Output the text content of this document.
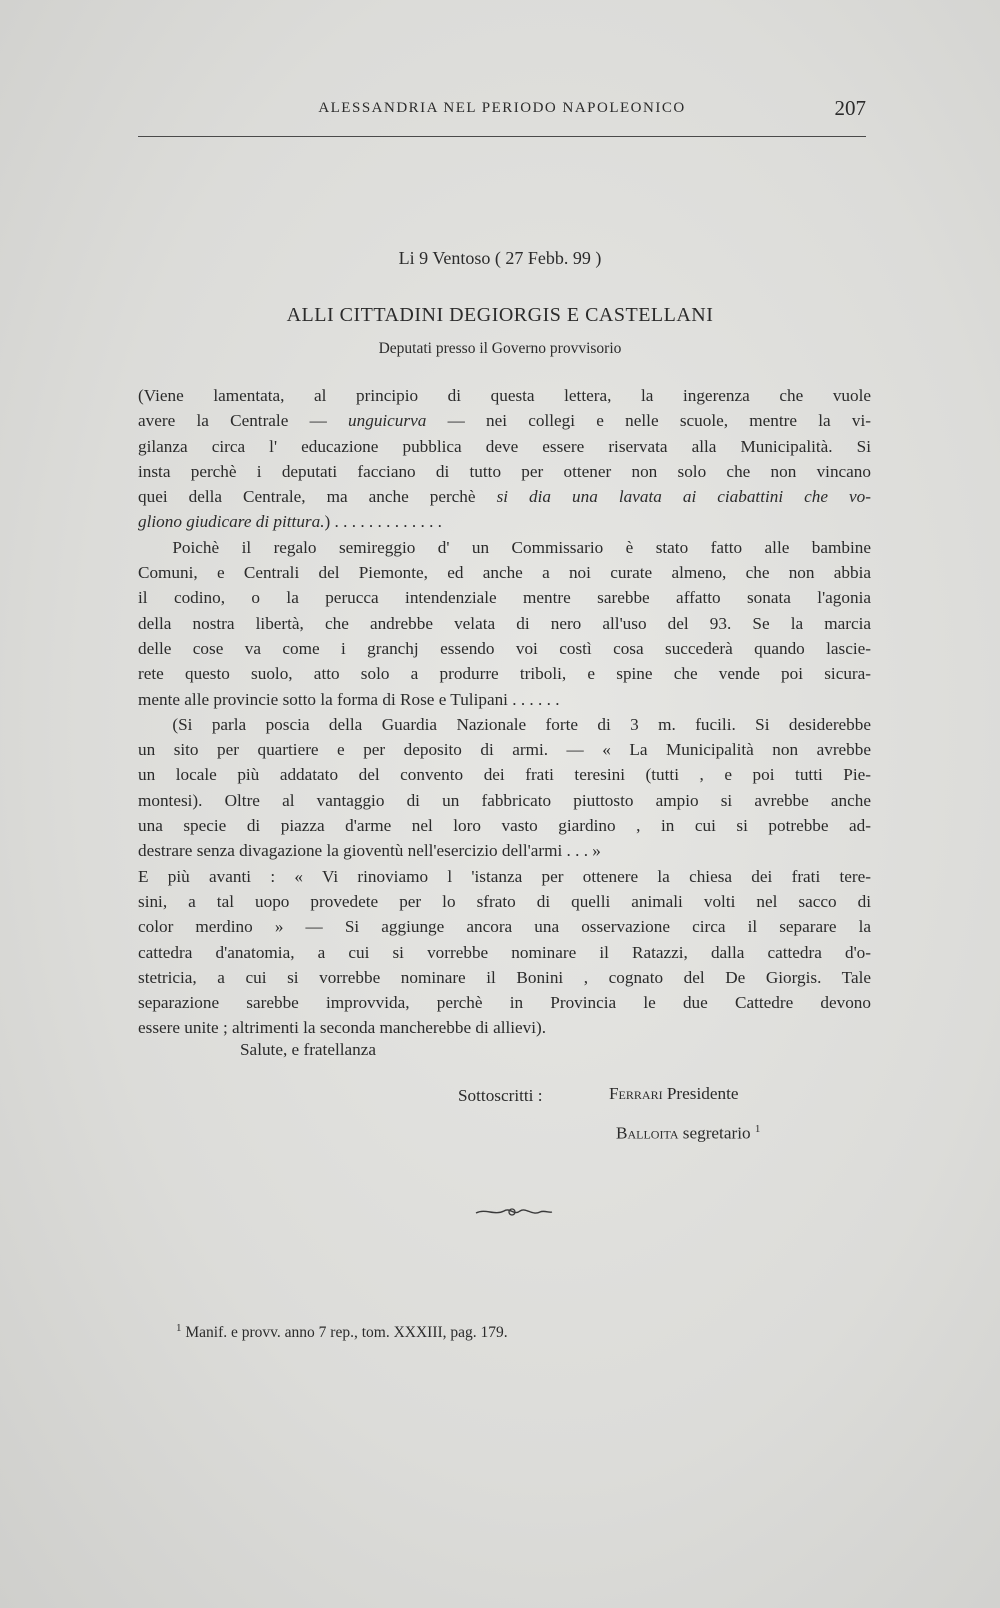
ALESSANDRIA NEL PERIODO NAPOLEONICO	207
Li 9 Ventoso ( 27 Febb. 99 )
ALLI CITTADINI DEGIORGIS E CASTELLANI
Deputati presso il Governo provvisorio
(Viene lamentata, al principio di questa lettera, la ingerenza che vuole
avere la Centrale — unguicurva — nei collegi e nelle scuole, mentre la vi-
gilanza circa l' educazione pubblica deve essere riservata alla Municipalità. Si
insta perchè i deputati facciano di tutto per ottener non solo che non vincano
quei della Centrale, ma anche perchè si dia una lavata ai ciabattini che vo-
gliono giudicare di pittura.) . . . . . . . . . . . . .
  Poichè il regalo semireggio d' un Commissario è stato fatto alle bambine
Comuni, e Centrali del Piemonte, ed anche a noi curate almeno, che non abbia
il codino, o la perucca intendenziale mentre sarebbe affatto sonata l'agonia
della nostra libertà, che andrebbe velata di nero all'uso del 93. Se la marcia
delle cose va come i granchj essendo voi costì cosa succederà quando lascie-
rete questo suolo, atto solo a produrre triboli, e spine che vende poi sicura-
mente alle provincie sotto la forma di Rose e Tulipani . . . . . .
  (Si parla poscia della Guardia Nazionale forte di 3 m. fucili. Si desiderebbe
un sito per quartiere e per deposito di armi. — « La Municipalità non avrebbe
un locale più addatato del convento dei frati teresini (tutti , e poi tutti Pie-
montesi). Oltre al vantaggio di un fabbricato piuttosto ampio si avrebbe anche
una specie di piazza d'arme nel loro vasto giardino , in cui si potrebbe ad-
destrare senza divagazione la gioventù nell'esercizio dell'armi . . . »
E più avanti : « Vi rinoviamo l 'istanza per ottenere la chiesa dei frati tere-
sini, a tal uopo provedete per lo sfrato di quelli animali volti nel sacco di
color merdino » — Si aggiunge ancora una osservazione circa il separare la
cattedra d'anatomia, a cui si vorrebbe nominare il Ratazzi, dalla cattedra d'o-
stetricia, a cui si vorrebbe nominare il Bonini , cognato del De Giorgis. Tale
separazione sarebbe improvvida, perchè in Provincia le due Cattedre devono
essere unite ; altrimenti la seconda mancherebbe di allievi).
Salute, e fratellanza
Sottoscritti :	Ferrari Presidente
Balloita segretario $^1$
$^1$ Manif. e provv. anno 7 rep., tom. XXXIII, pag. 179.
